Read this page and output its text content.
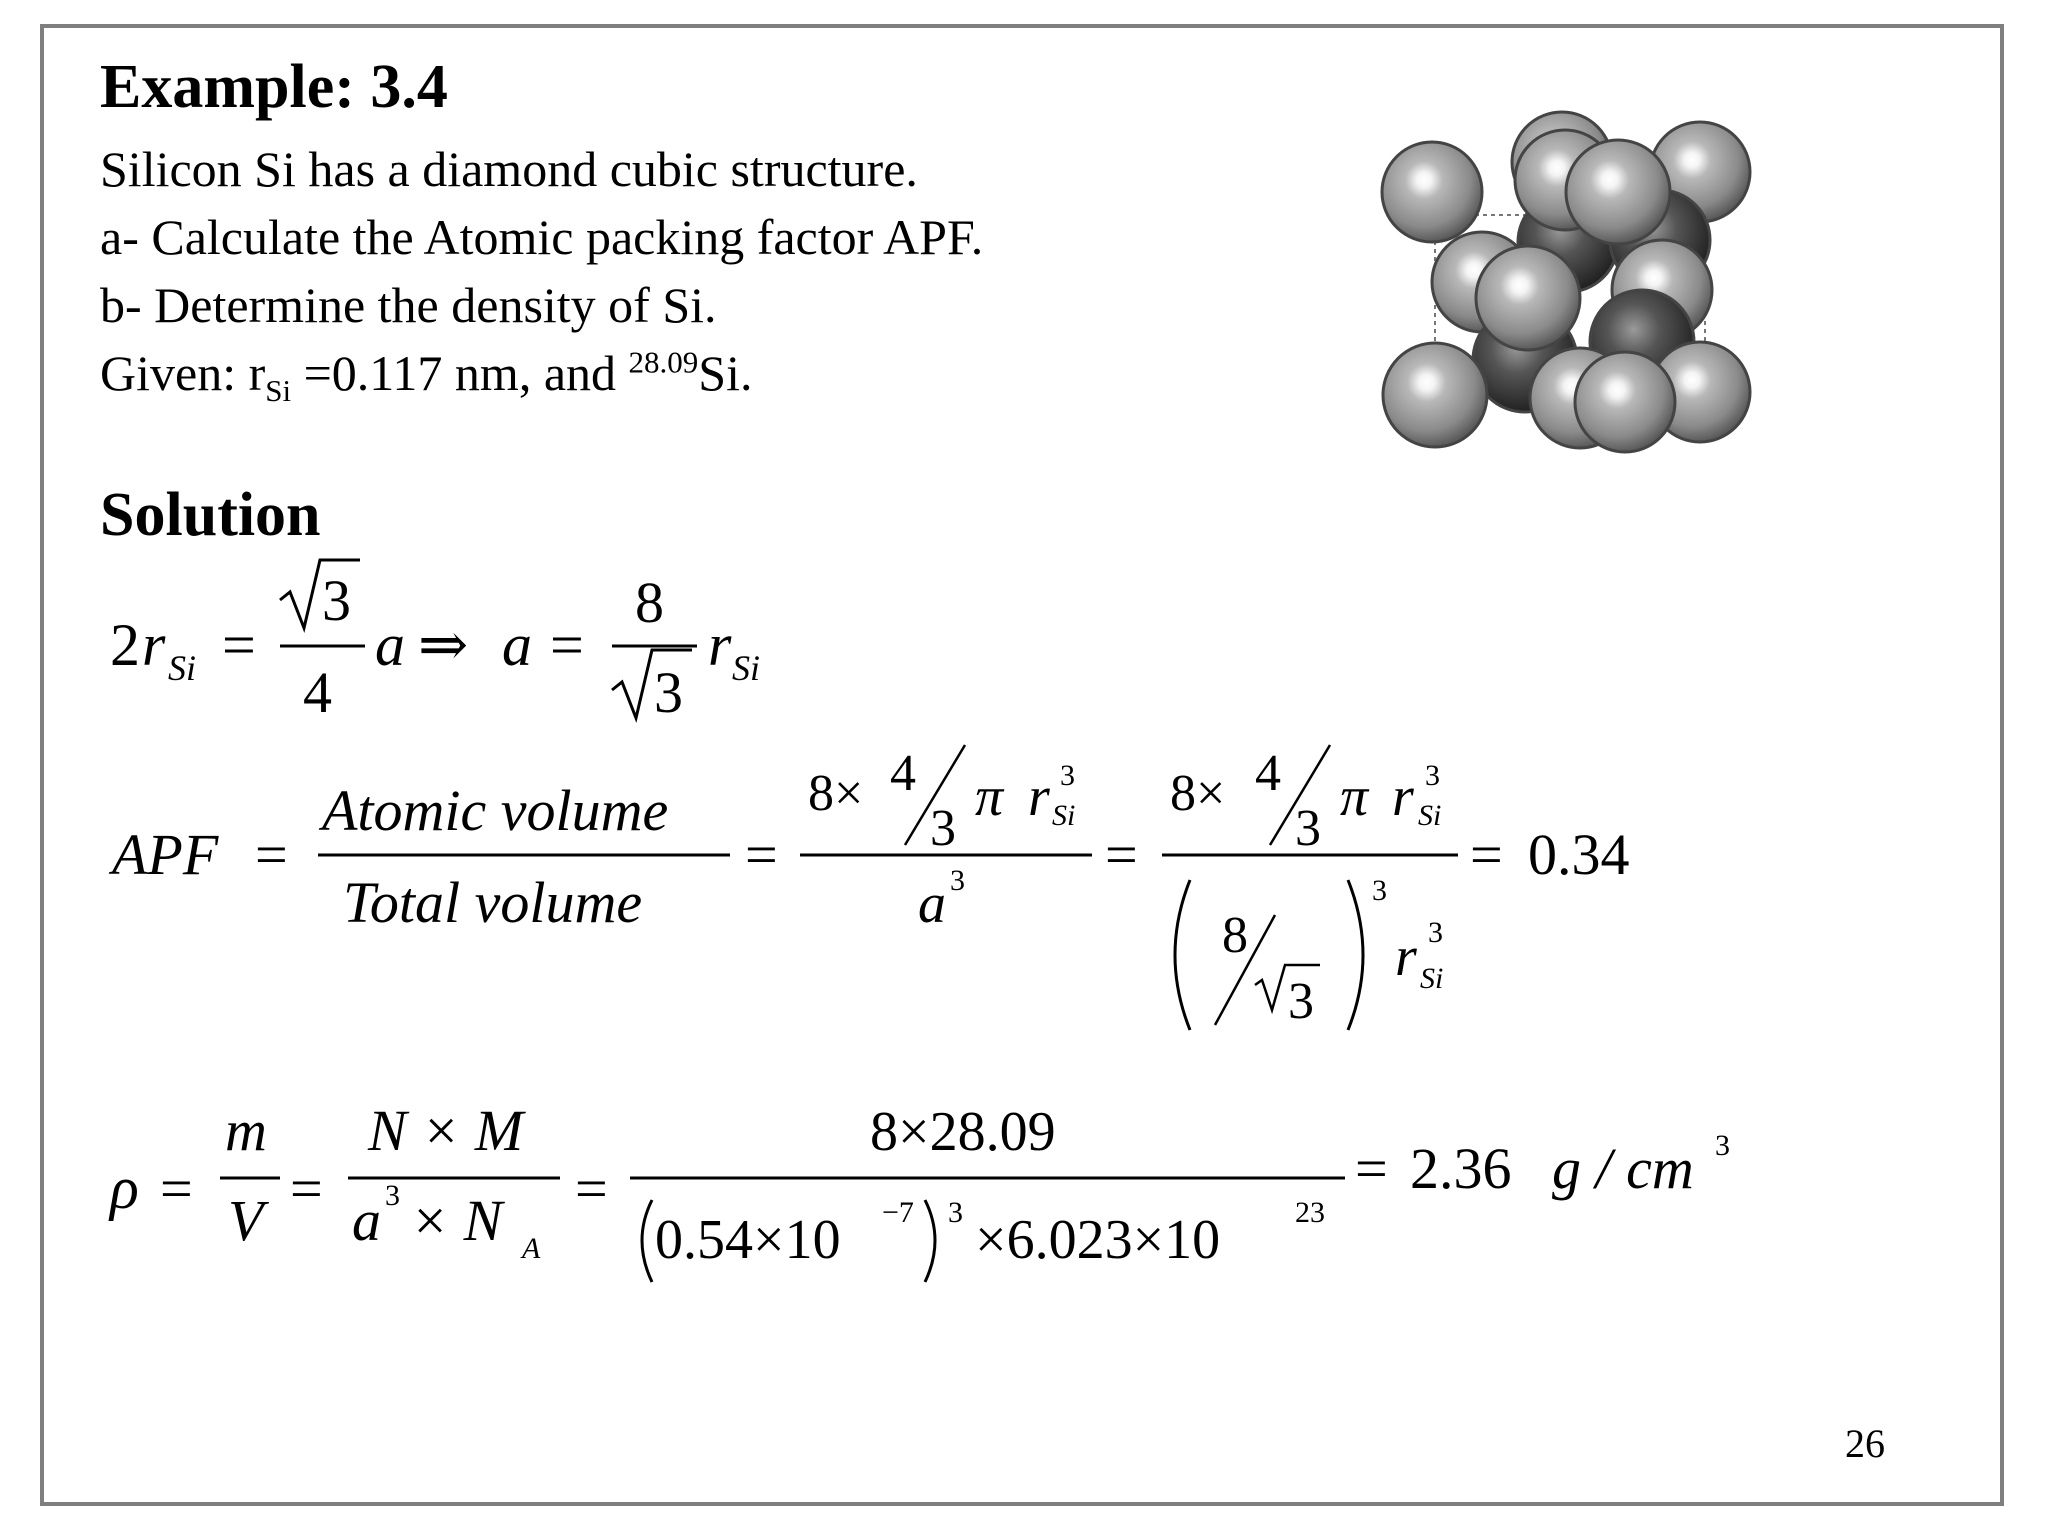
Example: 3.4
Silicon Si has a diamond cubic structure.
a- Calculate the Atomic packing factor APF.
b- Determine the density of Si.
Given: $r_{Si} =0.117$ nm, and $^{28.09}$Si.
Solution
2 r Si =
3
4
a ⇒ a =
8
3
r Si
APF =
Atomic volume
Total volume
=
8× 4
3
π r 3
Si
a 3 =
8× 4
3
π r 3
Si
8
3
3
r 3
Si
= 0.34
ρ =
m
V =
N × M
a 3 × N A
=
8×28.09
0.54×10 −7 3 ×6.023×10 23
= 2.36 g / cm 3
26
